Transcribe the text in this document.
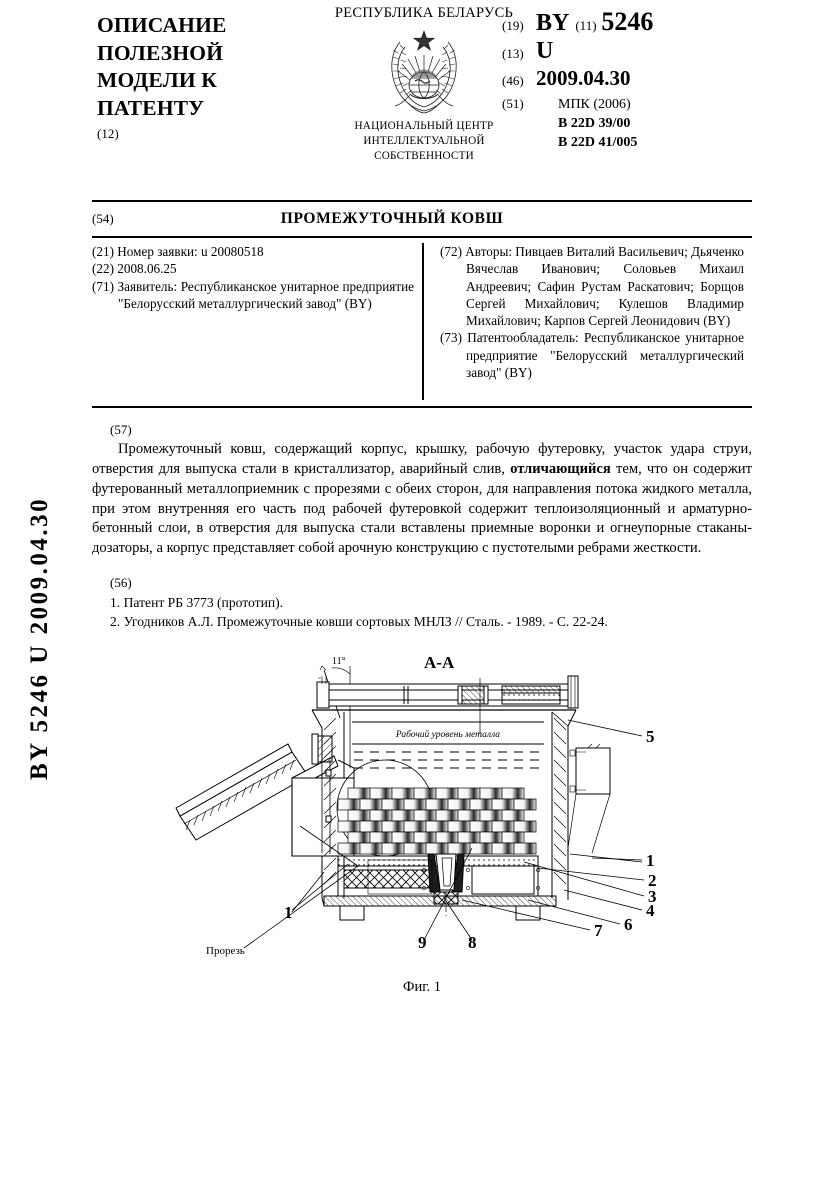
BY 5246 U 2009.04.30
ОПИСАНИЕ ПОЛЕЗНОЙ МОДЕЛИ К ПАТЕНТУ
(12)
РЕСПУБЛИКА БЕЛАРУСЬ
НАЦИОНАЛЬНЫЙ ЦЕНТР
ИНТЕЛЛЕКТУАЛЬНОЙ
СОБСТВЕННОСТИ
(19) BY (11) 5246
(13) U
(46) 2009.04.30
(51)	МПК (2006)
B 22D 39/00
B 22D 41/005
(54)	ПРОМЕЖУТОЧНЫЙ КОВШ
(21) Номер заявки: u 20080518
(22) 2008.06.25
(71) Заявитель: Республиканское унитарное предприятие "Белорусский металлургический завод" (BY)
(72) Авторы: Пивцаев Виталий Васильевич; Дьяченко Вячеслав Иванович; Соловьев Михаил Андреевич; Сафин Рустам Раскатович; Борщов Сергей Михайлович; Кулешов Владимир Михайлович; Карпов Сергей Леонидович (BY)
(73) Патентообладатель: Республиканское унитарное предприятие "Белорусский металлургический завод" (BY)
(57)

Промежуточный ковш, содержащий корпус, крышку, рабочую футеровку, участок удара струи, отверстия для выпуска стали в кристаллизатор, аварийный слив, отличающийся тем, что он содержит футерованный металлоприемник с прорезями с обеих сторон, для направления потока жидкого металла, при этом внутренняя его часть под рабочей футеровкой содержит теплоизоляционный и арматурно-бетонный слои, в отверстия для выпуска стали вставлены приемные воронки и огнеупорные стаканы-дозаторы, а корпус представляет собой арочную конструкцию с пустотелыми ребрами жесткости.

(56)
1. Патент РБ 3773 (прототип).
2. Угодников А.Л. Промежуточные ковши сортовых МНЛЗ // Сталь. - 1989. - С. 22-24.
A-A
11°
Рабочий уровень металла	5
1
2
3
4
6
7
8
9
1
Прорезь
Фиг. 1
